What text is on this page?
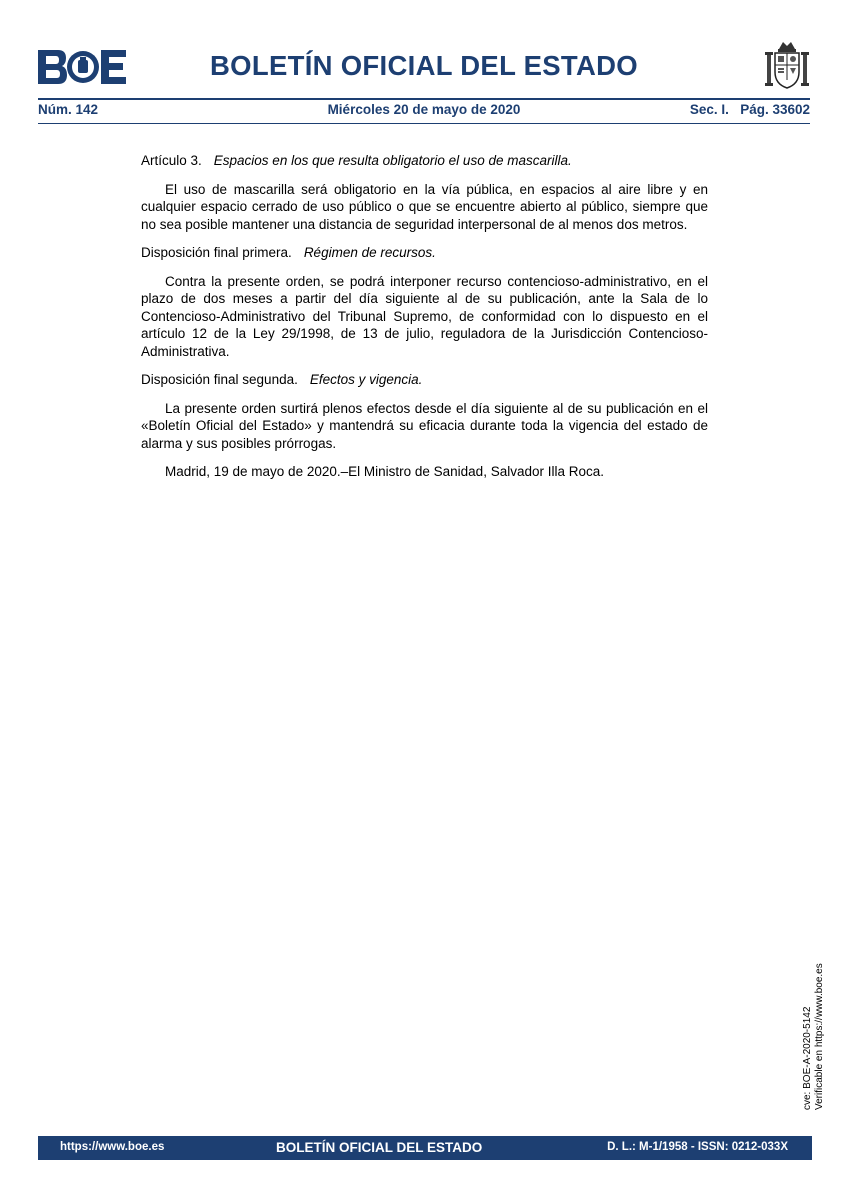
BOLETÍN OFICIAL DEL ESTADO
Núm. 142	Miércoles 20 de mayo de 2020	Sec. I. Pág. 33602

Artículo 3. Espacios en los que resulta obligatorio el uso de mascarilla.

El uso de mascarilla será obligatorio en la vía pública, en espacios al aire libre y en cualquier espacio cerrado de uso público o que se encuentre abierto al público, siempre que no sea posible mantener una distancia de seguridad interpersonal de al menos dos metros.

Disposición final primera. Régimen de recursos.

Contra la presente orden, se podrá interponer recurso contencioso-administrativo, en el plazo de dos meses a partir del día siguiente al de su publicación, ante la Sala de lo Contencioso-Administrativo del Tribunal Supremo, de conformidad con lo dispuesto en el artículo 12 de la Ley 29/1998, de 13 de julio, reguladora de la Jurisdicción Contencioso-Administrativa.

Disposición final segunda. Efectos y vigencia.

La presente orden surtirá plenos efectos desde el día siguiente al de su publicación en el «Boletín Oficial del Estado» y mantendrá su eficacia durante toda la vigencia del estado de alarma y sus posibles prórrogas.

Madrid, 19 de mayo de 2020.–El Ministro de Sanidad, Salvador Illa Roca.

cve: BOE-A-2020-5142 Verificable en https://www.boe.es
https://www.boe.es	BOLETÍN OFICIAL DEL ESTADO	D. L.: M-1/1958 - ISSN: 0212-033X
